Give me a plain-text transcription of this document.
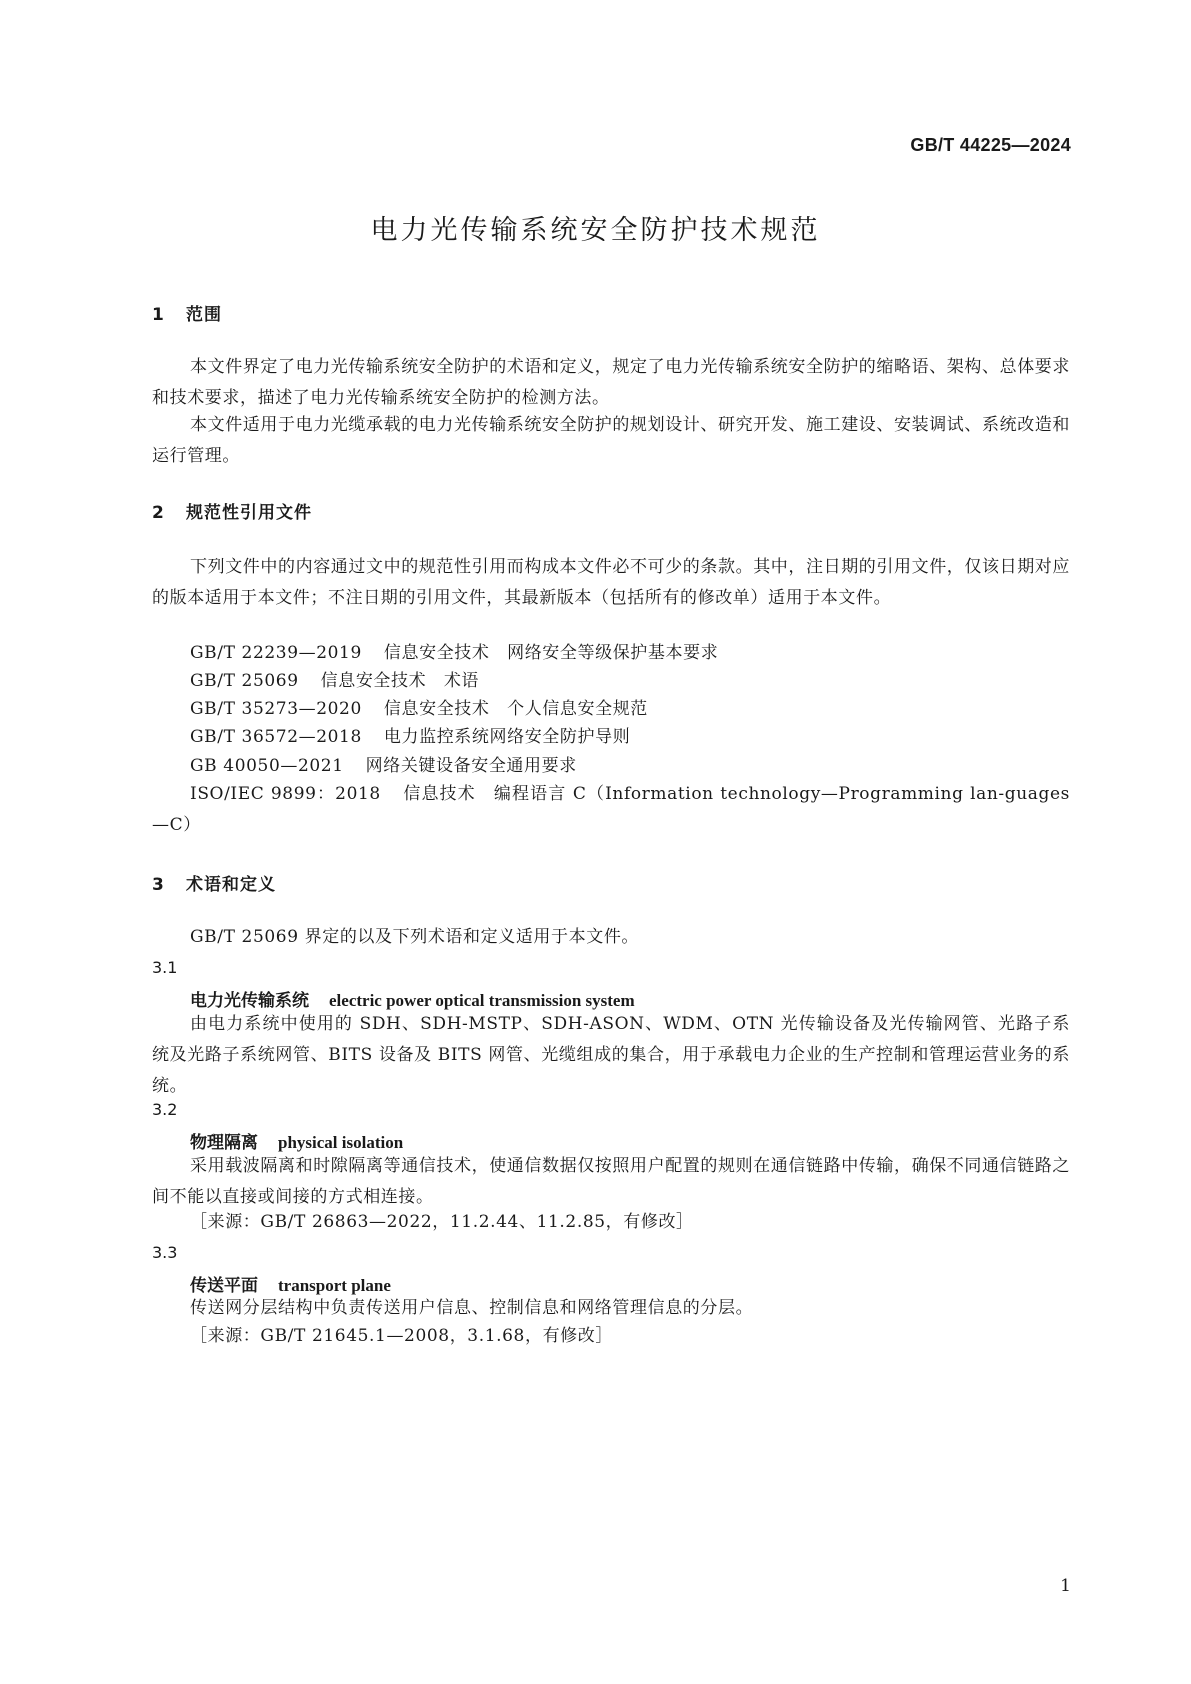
GB/T 44225—2024
电力光传输系统安全防护技术规范
1 范围
本文件界定了电力光传输系统安全防护的术语和定义，规定了电力光传输系统安全防护的缩略语、架构、总体要求和技术要求，描述了电力光传输系统安全防护的检测方法。
本文件适用于电力光缆承载的电力光传输系统安全防护的规划设计、研究开发、施工建设、安装调试、系统改造和运行管理。
2 规范性引用文件
下列文件中的内容通过文中的规范性引用而构成本文件必不可少的条款。其中，注日期的引用文件，仅该日期对应的版本适用于本文件；不注日期的引用文件，其最新版本（包括所有的修改单）适用于本文件。
GB/T 22239—2019 信息安全技术　网络安全等级保护基本要求
GB/T 25069 信息安全技术　术语
GB/T 35273—2020 信息安全技术　个人信息安全规范
GB/T 36572—2018 电力监控系统网络安全防护导则
GB 40050—2021 网络关键设备安全通用要求
ISO/IEC 9899：2018 信息技术　编程语言 C（Information technology—Programming lan-guages—C）
3 术语和定义
GB/T 25069 界定的以及下列术语和定义适用于本文件。
3.1
电力光传输系统 electric power optical transmission system
由电力系统中使用的 SDH、SDH-MSTP、SDH-ASON、WDM、OTN 光传输设备及光传输网管、光路子系统及光路子系统网管、BITS 设备及 BITS 网管、光缆组成的集合，用于承载电力企业的生产控制和管理运营业务的系统。
3.2
物理隔离 physical isolation
采用载波隔离和时隙隔离等通信技术，使通信数据仅按照用户配置的规则在通信链路中传输，确保不同通信链路之间不能以直接或间接的方式相连接。
［来源：GB/T 26863—2022，11.2.44、11.2.85，有修改］
3.3
传送平面 transport plane
传送网分层结构中负责传送用户信息、控制信息和网络管理信息的分层。
［来源：GB/T 21645.1—2008，3.1.68，有修改］
1
